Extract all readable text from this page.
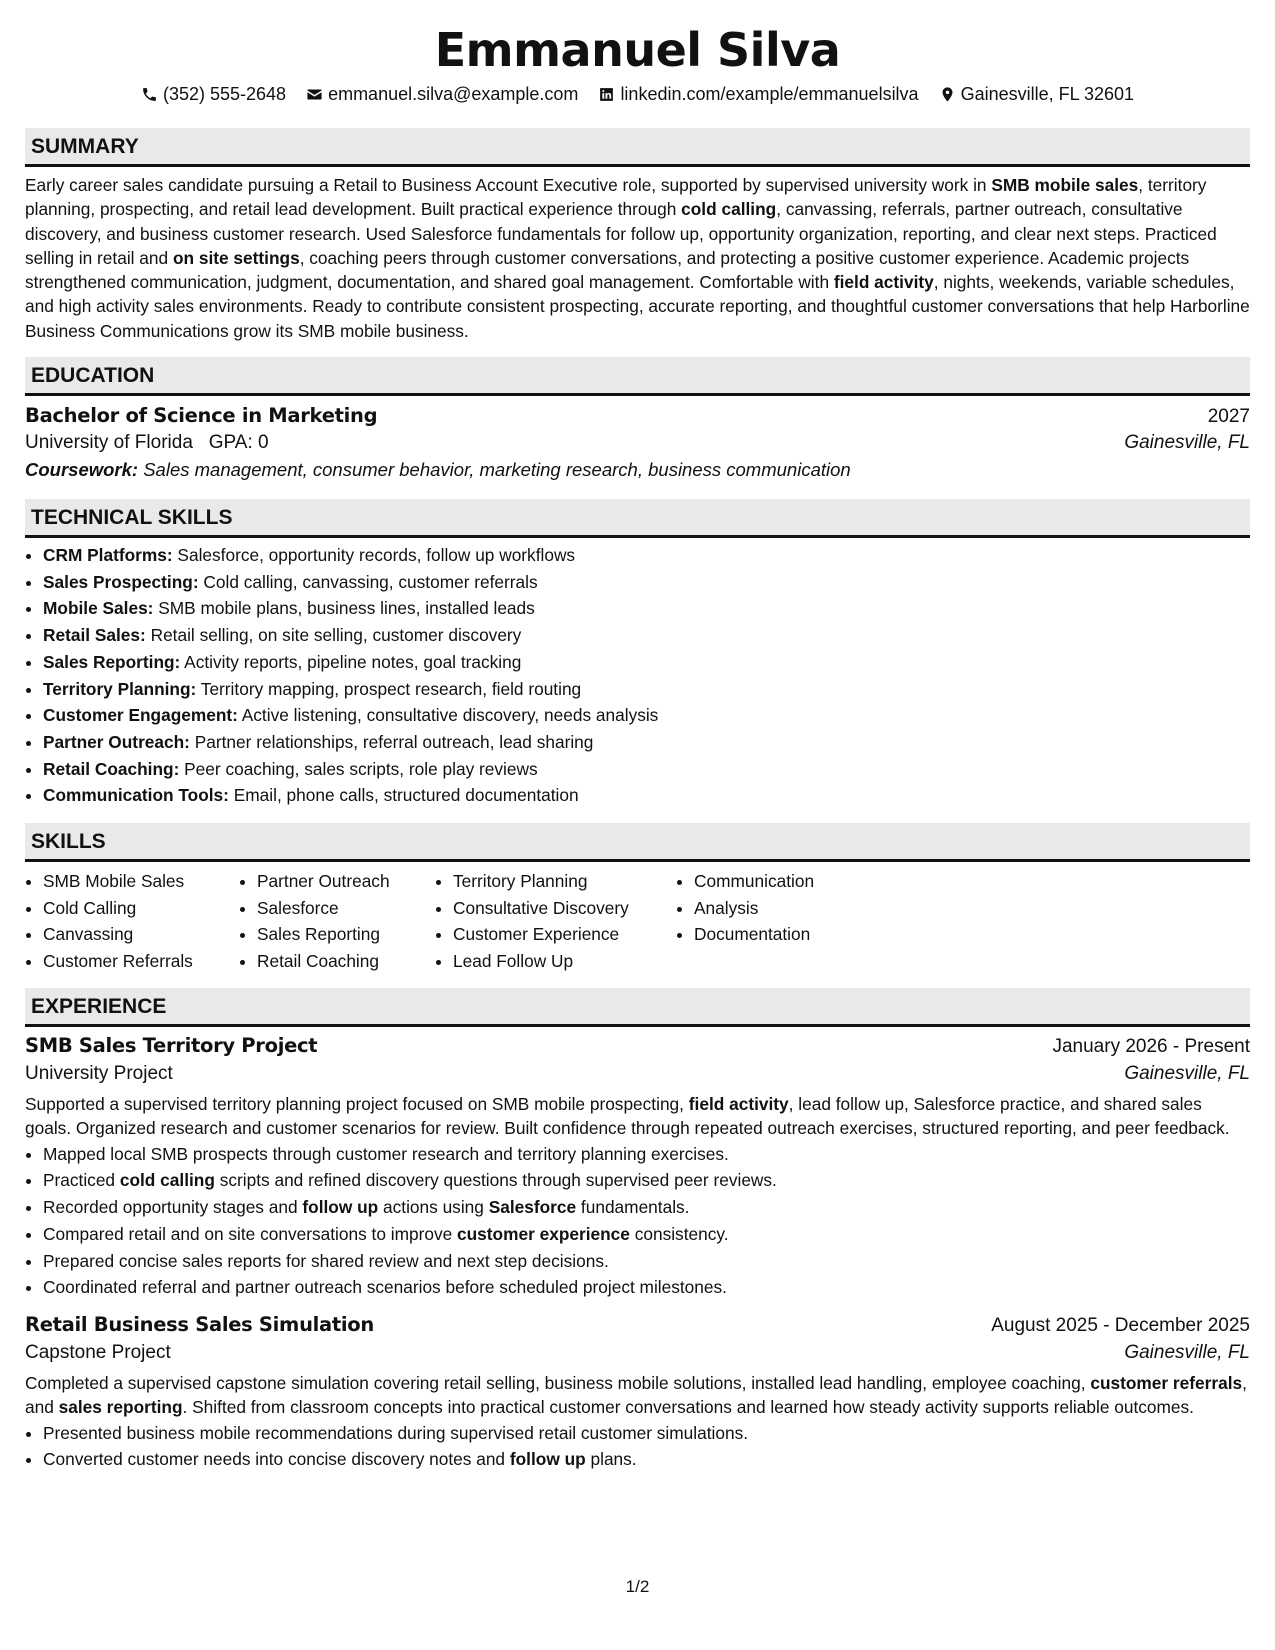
Emmanuel Silva
(352) 555-2648 emmanuel.silva@example.com linkedin.com/example/emmanuelsilva Gainesville, FL 32601
SUMMARY
Early career sales candidate pursuing a Retail to Business Account Executive role, supported by supervised university work in SMB mobile sales, territory planning, prospecting, and retail lead development. Built practical experience through cold calling, canvassing, referrals, partner outreach, consultative discovery, and business customer research. Used Salesforce fundamentals for follow up, opportunity organization, reporting, and clear next steps. Practiced selling in retail and on site settings, coaching peers through customer conversations, and protecting a positive customer experience. Academic projects strengthened communication, judgment, documentation, and shared goal management. Comfortable with field activity, nights, weekends, variable schedules, and high activity sales environments. Ready to contribute consistent prospecting, accurate reporting, and thoughtful customer conversations that help Harborline Business Communications grow its SMB mobile business.
EDUCATION
Bachelor of Science in Marketing	2027
University of Florida GPA: 0	Gainesville, FL
Coursework: Sales management, consumer behavior, marketing research, business communication
TECHNICAL SKILLS
• CRM Platforms: Salesforce, opportunity records, follow up workflows
• Sales Prospecting: Cold calling, canvassing, customer referrals
• Mobile Sales: SMB mobile plans, business lines, installed leads
• Retail Sales: Retail selling, on site selling, customer discovery
• Sales Reporting: Activity reports, pipeline notes, goal tracking
• Territory Planning: Territory mapping, prospect research, field routing
• Customer Engagement: Active listening, consultative discovery, needs analysis
• Partner Outreach: Partner relationships, referral outreach, lead sharing
• Retail Coaching: Peer coaching, sales scripts, role play reviews
• Communication Tools: Email, phone calls, structured documentation
SKILLS
• SMB Mobile Sales
• Cold Calling
• Canvassing
• Customer Referrals
• Partner Outreach
• Salesforce
• Sales Reporting
• Retail Coaching
• Territory Planning
• Consultative Discovery
• Customer Experience
• Lead Follow Up
• Communication
• Analysis
• Documentation
EXPERIENCE
SMB Sales Territory Project	January 2026 - Present
University Project	Gainesville, FL
Supported a supervised territory planning project focused on SMB mobile prospecting, field activity, lead follow up, Salesforce practice, and shared sales goals. Organized research and customer scenarios for review. Built confidence through repeated outreach exercises, structured reporting, and peer feedback.
• Mapped local SMB prospects through customer research and territory planning exercises.
• Practiced cold calling scripts and refined discovery questions through supervised peer reviews.
• Recorded opportunity stages and follow up actions using Salesforce fundamentals.
• Compared retail and on site conversations to improve customer experience consistency.
• Prepared concise sales reports for shared review and next step decisions.
• Coordinated referral and partner outreach scenarios before scheduled project milestones.
Retail Business Sales Simulation	August 2025 - December 2025
Capstone Project	Gainesville, FL
Completed a supervised capstone simulation covering retail selling, business mobile solutions, installed lead handling, employee coaching, customer referrals, and sales reporting. Shifted from classroom concepts into practical customer conversations and learned how steady activity supports reliable outcomes.
• Presented business mobile recommendations during supervised retail customer simulations.
• Converted customer needs into concise discovery notes and follow up plans.
1/2
